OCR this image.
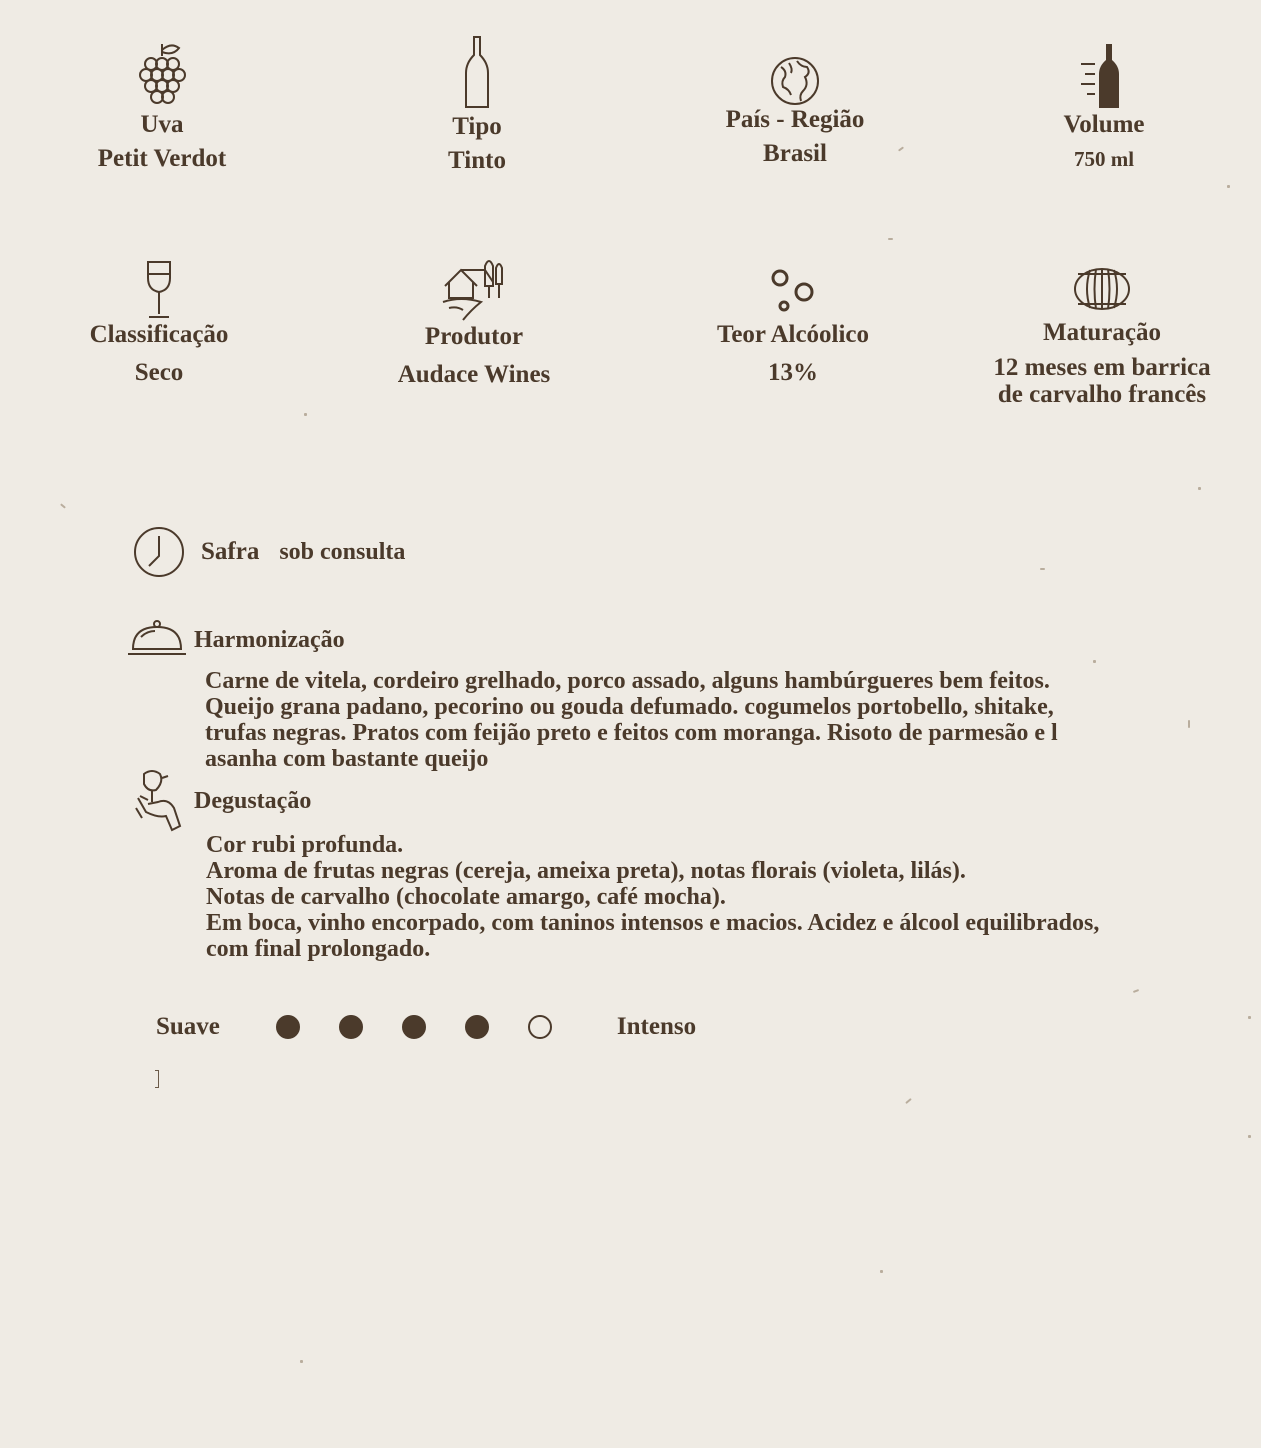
Uva
Petit Verdot
Tipo
Tinto
País - Região
Brasil
Volume
750 ml
Classificação
Seco
Produtor
Audace Wines
Teor Alcóolico
13%
Maturação
12 meses em barrica
de carvalho francês
Safra sob consulta
Harmonização
Carne de vitela, cordeiro grelhado, porco assado, alguns hambúrgueres bem feitos.
Queijo grana padano, pecorino ou gouda defumado. cogumelos portobello, shitake,
trufas negras. Pratos com feijão preto e feitos com moranga. Risoto de parmesão e l
asanha com bastante queijo
Degustação
Cor rubi profunda.
Aroma de frutas negras (cereja, ameixa preta), notas florais (violeta, lilás).
Notas de carvalho (chocolate amargo, café mocha).
Em boca, vinho encorpado, com taninos intensos e macios. Acidez e álcool equilibrados,
com final prolongado.
Suave	Intenso
